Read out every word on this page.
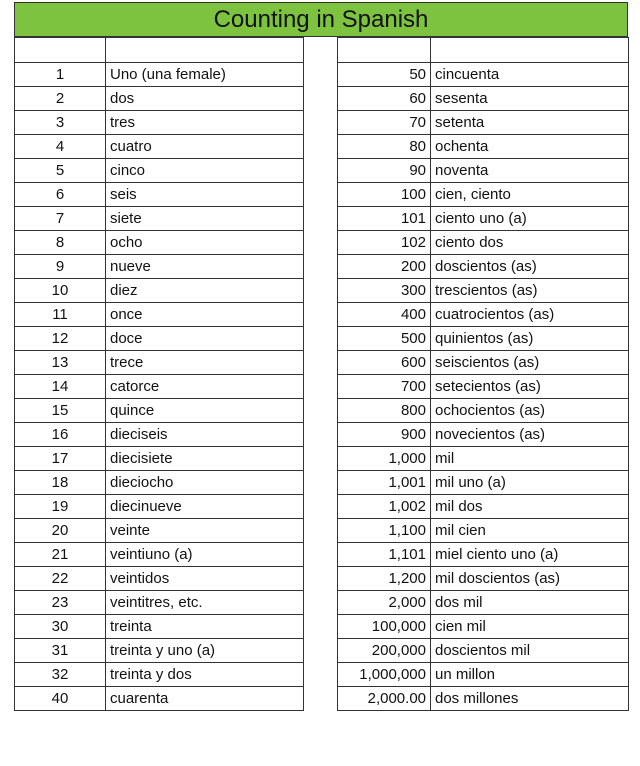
Counting in Spanish

1	Uno (una female)		50	cincuenta
2	dos		60	sesenta
3	tres		70	setenta
4	cuatro		80	ochenta
5	cinco		90	noventa
6	seis		100	cien, ciento
7	siete		101	ciento uno (a)
8	ocho		102	ciento dos
9	nueve		200	doscientos (as)
10	diez		300	trescientos (as)
11	once		400	cuatrocientos (as)
12	doce		500	quinientos (as)
13	trece		600	seiscientos (as)
14	catorce		700	setecientos (as)
15	quince		800	ochocientos (as)
16	dieciseis		900	novecientos (as)
17	diecisiete		1,000	mil
18	dieciocho		1,001	mil uno (a)
19	diecinueve		1,002	mil dos
20	veinte		1,100	mil cien
21	veintiuno (a)		1,101	miel ciento uno (a)
22	veintidos		1,200	mil doscientos (as)
23	veintitres, etc.		2,000	dos mil
30	treinta		100,000	cien mil
31	treinta y uno (a)		200,000	doscientos mil
32	treinta y dos		1,000,000	un millon
40	cuarenta		2,000.00	dos millones
